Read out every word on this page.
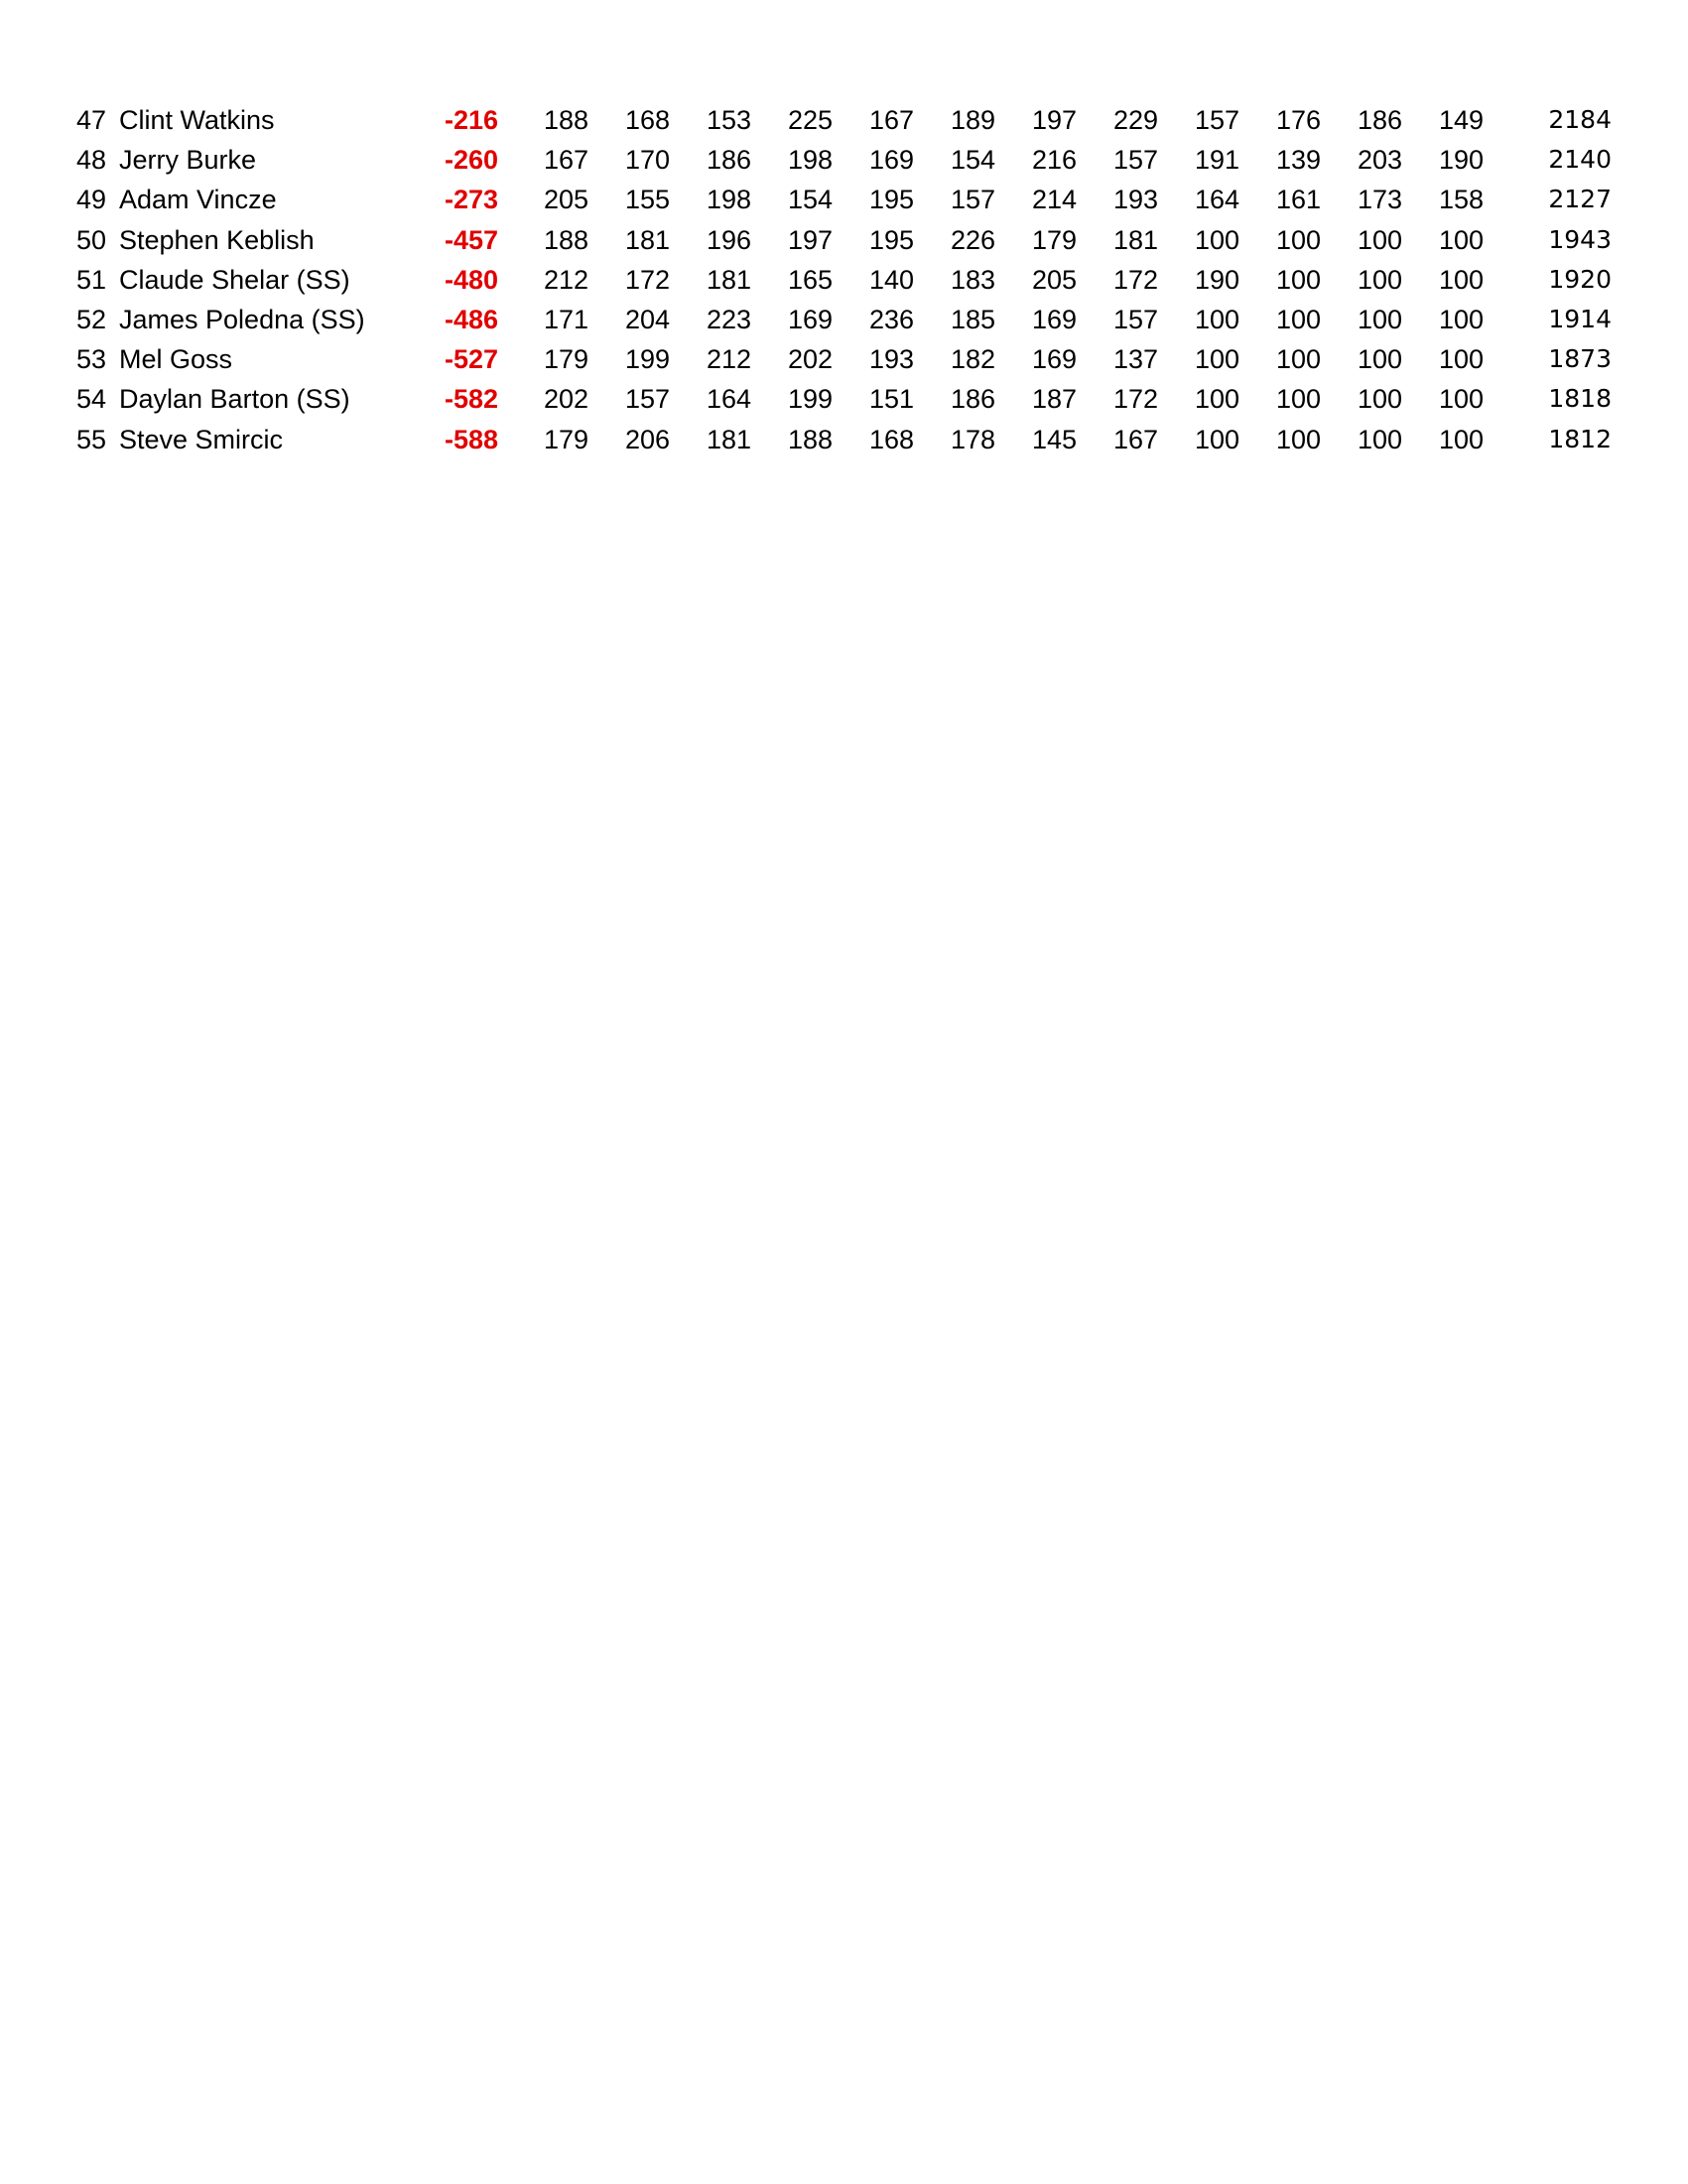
47 Clint Watkins	-216	188	168	153	225	167	189	197	229	157	176	186	149	2184
48 Jerry Burke	-260	167	170	186	198	169	154	216	157	191	139	203	190	2140
49 Adam Vincze	-273	205	155	198	154	195	157	214	193	164	161	173	158	2127
50 Stephen Keblish	-457	188	181	196	197	195	226	179	181	100	100	100	100	1943
51 Claude Shelar (SS)	-480	212	172	181	165	140	183	205	172	190	100	100	100	1920
52 James Poledna (SS)	-486	171	204	223	169	236	185	169	157	100	100	100	100	1914
53 Mel Goss	-527	179	199	212	202	193	182	169	137	100	100	100	100	1873
54 Daylan Barton (SS)	-582	202	157	164	199	151	186	187	172	100	100	100	100	1818
55 Steve Smircic	-588	179	206	181	188	168	178	145	167	100	100	100	100	1812
